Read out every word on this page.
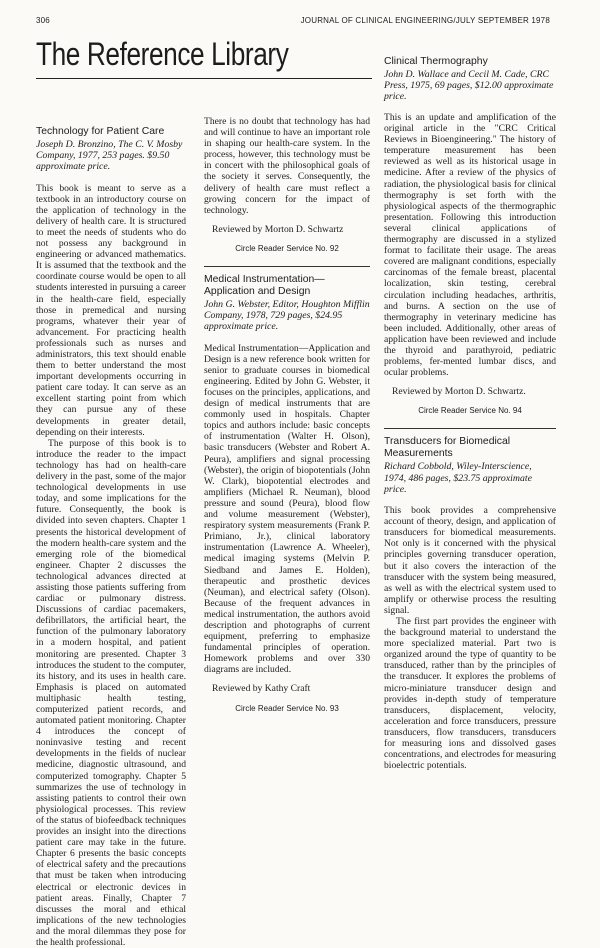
306	JOURNAL OF CLINICAL ENGINEERING/JULY SEPTEMBER 1978
The Reference Library
Technology for Patient Care
Joseph D. Bronzino, The C. V. Mosby Company, 1977, 253 pages. $9.50 approximate price.

This book is meant to serve as a textbook in an introductory course on the application of technology in the delivery of health care. It is structured to meet the needs of students who do not possess any background in engineering or advanced mathematics. It is assumed that the textbook and the coordinate course would be open to all students interested in pursuing a career in the health-care field, especially those in premedical and nursing programs, whatever their year of advancement. For practicing health professionals such as nurses and administrators, this text should enable them to better understand the most important developments occurring in patient care today. It can serve as an excellent starting point from which they can pursue any of these developments in greater detail, depending on their interests.

The purpose of this book is to introduce the reader to the impact technology has had on health-care delivery in the past, some of the major technological developments in use today, and some implications for the future. Consequently, the book is divided into seven chapters. Chapter 1 presents the historical development of the modern health-care system and the emerging role of the biomedical engineer. Chapter 2 discusses the technological advances directed at assisting those patients suffering from cardiac or pulmonary distress. Discussions of cardiac pacemakers, defibrillators, the artificial heart, the function of the pulmonary laboratory in a modern hospital, and patient monitoring are presented. Chapter 3 introduces the student to the computer, its history, and its uses in health care. Emphasis is placed on automated multiphasic health testing, computerized patient records, and automated patient monitoring. Chapter 4 introduces the concept of noninvasive testing and recent developments in the fields of nuclear medicine, diagnostic ultrasound, and computerized tomography. Chapter 5 summarizes the use of technology in assisting patients to control their own physiological processes. This review of the status of biofeedback techniques provides an insight into the directions patient care may take in the future. Chapter 6 presents the basic concepts of electrical safety and the precautions that must be taken when introducing electrical or electronic devices in patient areas. Finally, Chapter 7 discusses the moral and ethical implications of the new technologies and the moral dilemmas they pose for the health professional.

There is no doubt that technology has had and will continue to have an important role in shaping our health-care system. In the process, however, this technology must be in concert with the philosophical goals of the society it serves. Consequently, the delivery of health care must reflect a growing concern for the impact of technology.

Reviewed by Morton D. Schwartz
Circle Reader Service No. 92
Medical Instrumentation— Application and Design
John G. Webster, Editor, Houghton Mifflin Company, 1978, 729 pages, $24.95 approximate price.

Medical Instrumentation—Application and Design is a new reference book written for senior to graduate courses in biomedical engineering. Edited by John G. Webster, it focuses on the principles, applications, and design of medical instruments that are commonly used in hospitals. Chapter topics and authors include: basic concepts of instrumentation (Walter H. Olson), basic transducers (Webster and Robert A. Peura), amplifiers and signal processing (Webster), the origin of biopotentials (John W. Clark), biopotential electrodes and amplifiers (Michael R. Neuman), blood pressure and sound (Peura), blood flow and volume measurement (Webster), respiratory system measurements (Frank P. Primiano, Jr.), clinical laboratory instrumentation (Lawrence A. Wheeler), medical imaging systems (Melvin P. Siedband and James E. Holden), therapeutic and prosthetic devices (Neuman), and electrical safety (Olson). Because of the frequent advances in medical instrumentation, the authors avoid description and photographs of current equipment, preferring to emphasize fundamental principles of operation. Homework problems and over 330 diagrams are included.

Reviewed by Kathy Craft
Circle Reader Service No. 93
Clinical Thermography
John D. Wallace and Cecil M. Cade, CRC Press, 1975, 69 pages, $12.00 approximate price.

This is an update and amplification of the original article in the "CRC Critical Reviews in Bioengineering." The history of temperature measurement has been reviewed as well as its historical usage in medicine. After a review of the physics of radiation, the physiological basis for clinical thermography is set forth with the physiological aspects of the thermographic presentation. Following this introduction several clinical applications of thermography are discussed in a stylized format to facilitate their usage. The areas covered are malignant conditions, especially carcinomas of the female breast, placental localization, skin testing, cerebral circulation including headaches, arthritis, and burns. A section on the use of thermography in veterinary medicine has been included. Additionally, other areas of application have been reviewed and include the thyroid and parathyroid, pediatric problems, fer-mented lumbar discs, and ocular problems.

Reviewed by Morton D. Schwartz.
Circle Reader Service No. 94
Transducers for Biomedical Measurements
Richard Cobbold, Wiley-Interscience, 1974, 486 pages, $23.75 approximate price.

This book provides a comprehensive account of theory, design, and application of transducers for biomedical measurements. Not only is it concerned with the physical principles governing transducer operation, but it also covers the interaction of the transducer with the system being measured, as well as with the electrical system used to amplify or otherwise process the resulting signal.

The first part provides the engineer with the background material to understand the more specialized material. Part two is organized around the type of quantity to be transduced, rather than by the principles of the transducer. It explores the problems of micro-miniature transducer design and provides in-depth study of temperature transducers, displacement, velocity, acceleration and force transducers, pressure transducers, flow transducers, transducers for measuring ions and dissolved gases concentrations, and electrodes for measuring bioelectric potentials.
